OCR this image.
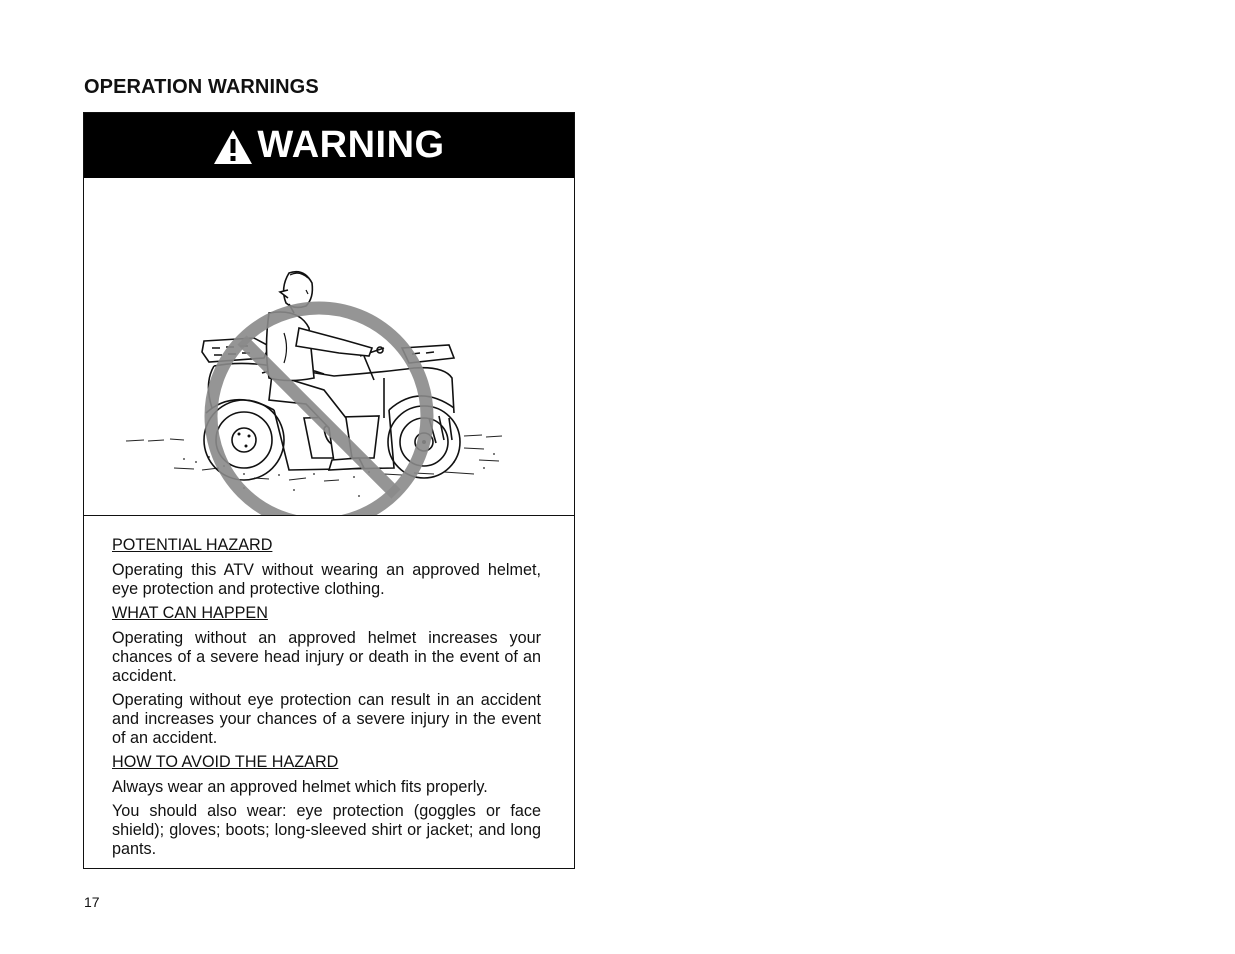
OPERATION WARNINGS
WARNING
POTENTIAL HAZARD

Operating this ATV without wearing an approved helmet, eye protection and protective clothing.

WHAT CAN HAPPEN

Operating without an approved helmet increases your chances of a severe head injury or death in the event of an accident.

Operating without eye protection can result in an accident and increases your chances of a severe injury in the event of an accident.

HOW TO AVOID THE HAZARD

Always wear an approved helmet which fits properly.

You should also wear: eye protection (goggles or face shield); gloves; boots; long-sleeved shirt or jacket; and long pants.

17
